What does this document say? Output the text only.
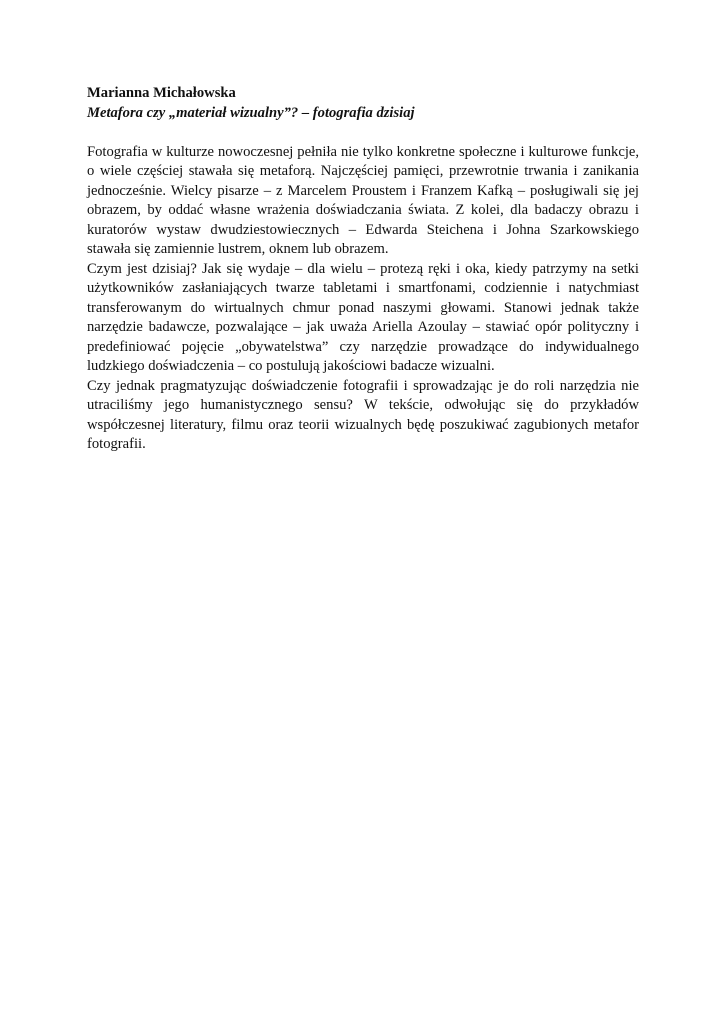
Marianna Michałowska

Metafora czy „materiał wizualny”? – fotografia dzisiaj

Fotografia w kulturze nowoczesnej pełniła nie tylko konkretne społeczne i kulturowe funkcje, o wiele częściej stawała się metaforą. Najczęściej pamięci, przewrotnie trwania i zanikania jednocześnie. Wielcy pisarze – z Marcelem Proustem i Franzem Kafką – posługiwali się jej obrazem, by oddać własne wrażenia doświadczania świata. Z kolei, dla badaczy obrazu i kuratorów wystaw dwudziestowiecznych – Edwarda Steichena i Johna Szarkowskiego stawała się zamiennie lustrem, oknem lub obrazem.

Czym jest dzisiaj? Jak się wydaje – dla wielu – protezą ręki i oka, kiedy patrzymy na setki użytkowników zasłaniających twarze tabletami i smartfonami, codziennie i natychmiast transferowanym do wirtualnych chmur ponad naszymi głowami. Stanowi jednak także narzędzie badawcze, pozwalające – jak uważa Ariella Azoulay – stawiać opór polityczny i predefiniować pojęcie „obywatelstwa” czy narzędzie prowadzące do indywidualnego ludzkiego doświadczenia – co postulują jakościowi badacze wizualni.

Czy jednak pragmatyzując doświadczenie fotografii i sprowadzając je do roli narzędzia nie utraciliśmy jego humanistycznego sensu? W tekście, odwołując się do przykładów współczesnej literatury, filmu oraz teorii wizualnych będę poszukiwać zagubionych metafor fotografii.
